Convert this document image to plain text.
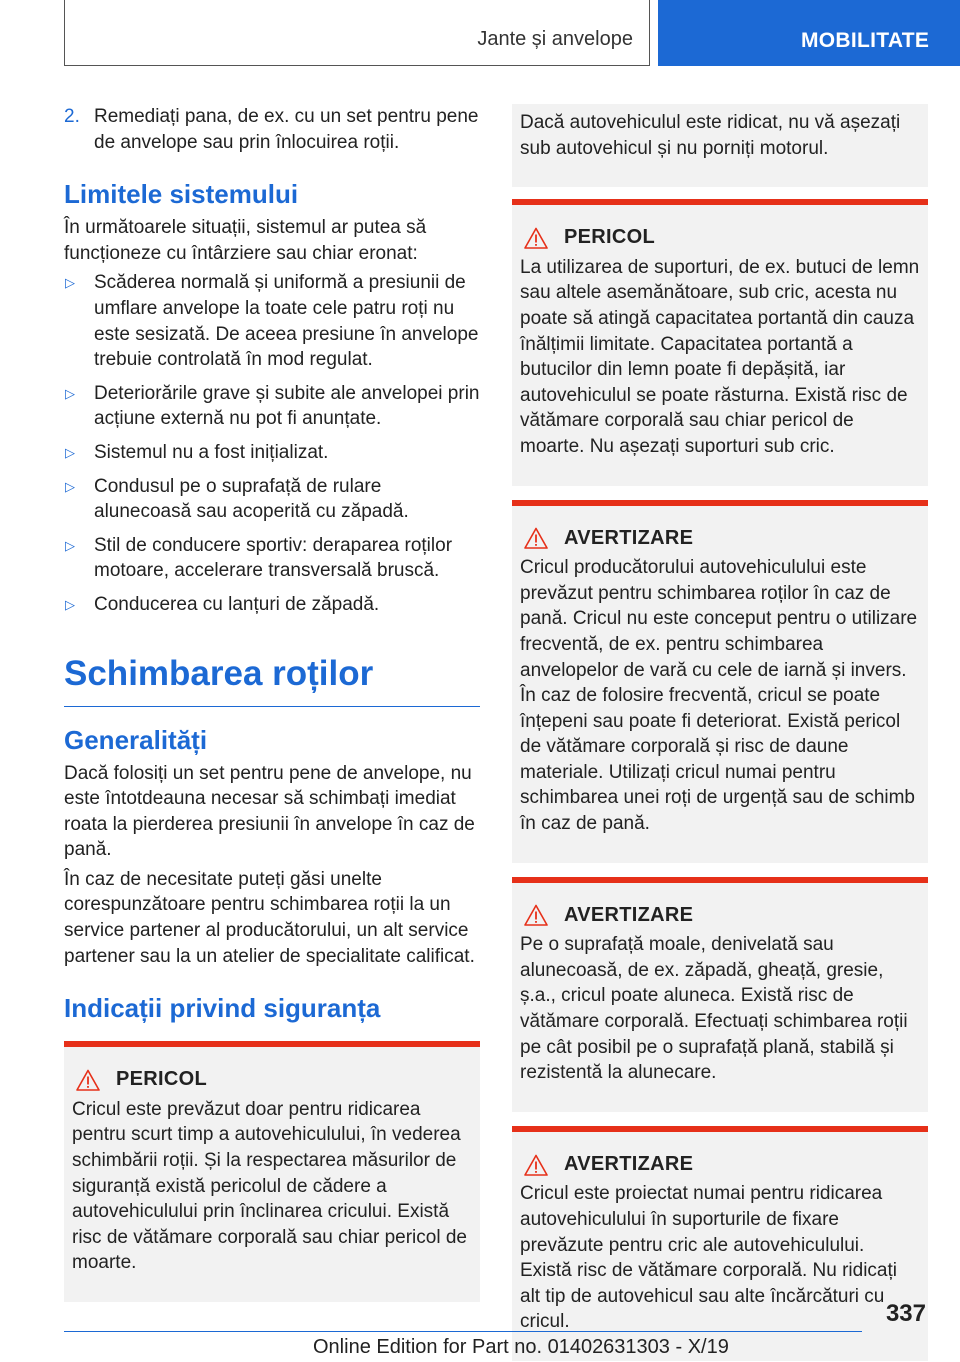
Jante și anvelope	MOBILITATE
2. Remediați pana, de ex. cu un set pentru pene de anvelope sau prin înlocuirea roții.
Limitele sistemului

În următoarele situații, sistemul ar putea să funcționeze cu întârziere sau chiar eronat:

▷ Scăderea normală și uniformă a presiunii de umflare anvelope la toate cele patru roți nu este sesizată. De aceea presiune în anvelope trebuie controlată în mod regulat.
▷ Deteriorările grave și subite ale anvelopei prin acțiune externă nu pot fi anunțate.
▷ Sistemul nu a fost inițializat.
▷ Condusul pe o suprafață de rulare alunecoasă sau acoperită cu zăpadă.
▷ Stil de conducere sportiv: deraparea roților motoare, accelerare transversală bruscă.
▷ Conducerea cu lanțuri de zăpadă.
Schimbarea roților
Generalități

Dacă folosiți un set pentru pene de anvelope, nu este întotdeauna necesar să schimbați imediat roata la pierderea presiunii în anvelope în caz de pană.

În caz de necesitate puteți găsi unelte corespunzătoare pentru schimbarea roții la un service partener al producătorului, un alt service partener sau la un atelier de specialitate calificat.

Indicații privind siguranța
PERICOL

Cricul este prevăzut doar pentru ridicarea pentru scurt timp a autovehiculului, în vederea schimbării roții. Și la respectarea măsurilor de siguranță există pericolul de cădere a autovehiculului prin înclinarea cricului. Există risc de vătămare corporală sau chiar pericol de moarte.

Dacă autovehiculul este ridicat, nu vă așezați sub autovehicul și nu porniți motorul.

PERICOL

La utilizarea de suporturi, de ex. butuci de lemn sau altele asemănătoare, sub cric, acesta nu poate să atingă capacitatea portantă din cauza înălțimii limitate. Capacitatea portantă a butucilor din lemn poate fi depășită, iar autovehiculul se poate răsturna. Există risc de vătămare corporală sau chiar pericol de moarte. Nu așezați suporturi sub cric.

AVERTIZARE

Cricul producătorului autovehiculului este prevăzut pentru schimbarea roților în caz de pană. Cricul nu este conceput pentru o utilizare frecventă, de ex. pentru schimbarea anvelopelor de vară cu cele de iarnă și invers. În caz de folosire frecventă, cricul se poate înțepeni sau poate fi deteriorat. Există pericol de vătămare corporală și risc de daune materiale. Utilizați cricul numai pentru schimbarea unei roți de urgență sau de schimb în caz de pană.

AVERTIZARE

Pe o suprafață moale, denivelată sau alunecoasă, de ex. zăpadă, gheață, gresie, ș.a., cricul poate aluneca. Există risc de vătămare corporală. Efectuați schimbarea roții pe cât posibil pe o suprafață plană, stabilă și rezistentă la alunecare.

AVERTIZARE

Cricul este proiectat numai pentru ridicarea autovehiculului în suporturile de fixare prevăzute pentru cric ale autovehiculului. Există risc de vătămare corporală. Nu ridicați alt tip de autovehicul sau alte încărcături cu cricul.	337
Online Edition for Part no. 01402631303 - X/19
